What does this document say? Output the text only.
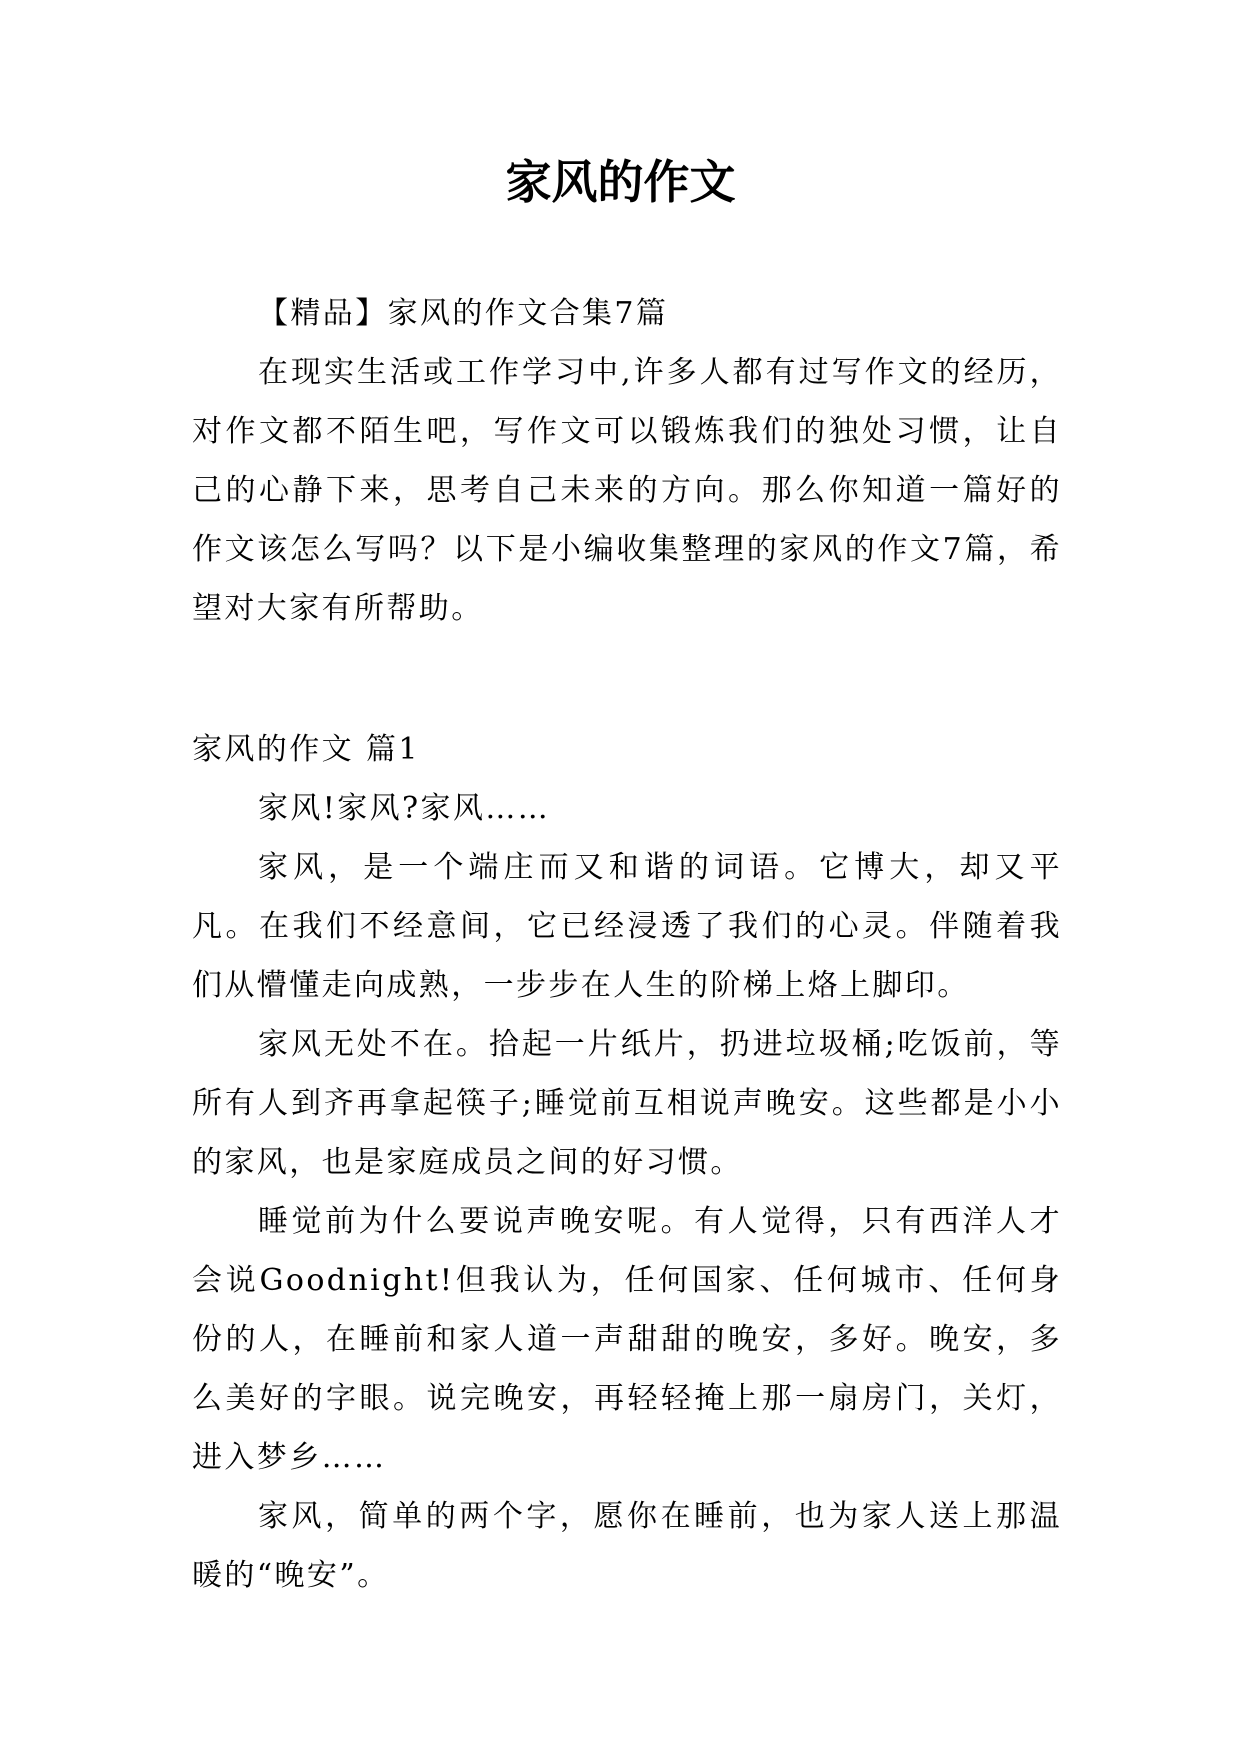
家风的作文

【精品】家风的作文合集7篇

在现实生活或工作学习中,许多人都有过写作文的经历，对作文都不陌生吧，写作文可以锻炼我们的独处习惯，让自己的心静下来，思考自己未来的方向。那么你知道一篇好的作文该怎么写吗？以下是小编收集整理的家风的作文7篇，希望对大家有所帮助。

家风的作文 篇1

家风!家风?家风……

家风，是一个端庄而又和谐的词语。它博大，却又平凡。在我们不经意间，它已经浸透了我们的心灵。伴随着我们从懵懂走向成熟，一步步在人生的阶梯上烙上脚印。

家风无处不在。拾起一片纸片，扔进垃圾桶;吃饭前，等所有人到齐再拿起筷子;睡觉前互相说声晚安。这些都是小小的家风，也是家庭成员之间的好习惯。

睡觉前为什么要说声晚安呢。有人觉得，只有西洋人才会说Goodnight!但我认为，任何国家、任何城市、任何身份的人，在睡前和家人道一声甜甜的晚安，多好。晚安，多么美好的字眼。说完晚安，再轻轻掩上那一扇房门，关灯，进入梦乡……

家风，简单的两个字，愿你在睡前，也为家人送上那温暖的“晚安”。
